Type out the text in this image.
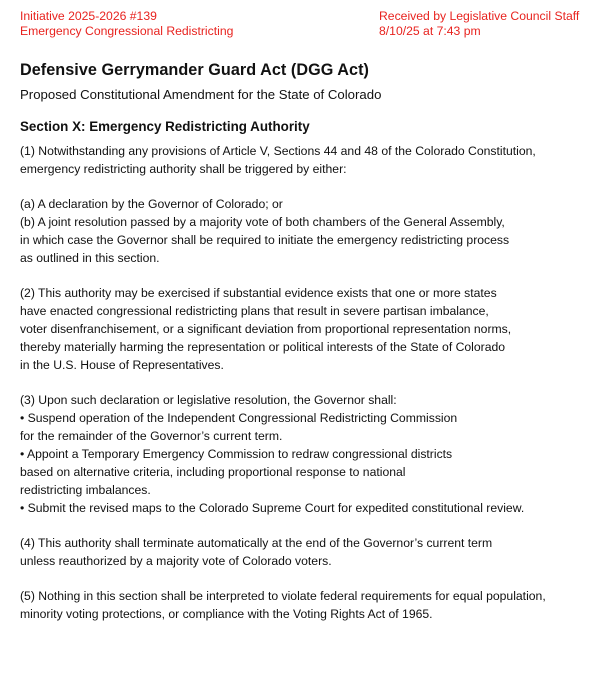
Initiative 2025-2026 #139
Emergency Congressional Redistricting
Received by Legislative Council Staff
8/10/25 at 7:43 pm
Defensive Gerrymander Guard Act (DGG Act)
Proposed Constitutional Amendment for the State of Colorado
Section X: Emergency Redistricting Authority
(1) Notwithstanding any provisions of Article V, Sections 44 and 48 of the Colorado Constitution,
emergency redistricting authority shall be triggered by either:
(a) A declaration by the Governor of Colorado; or
(b) A joint resolution passed by a majority vote of both chambers of the General Assembly,
in which case the Governor shall be required to initiate the emergency redistricting process
as outlined in this section.
(2) This authority may be exercised if substantial evidence exists that one or more states
have enacted congressional redistricting plans that result in severe partisan imbalance,
voter disenfranchisement, or a significant deviation from proportional representation norms,
thereby materially harming the representation or political interests of the State of Colorado
in the U.S. House of Representatives.
(3) Upon such declaration or legislative resolution, the Governor shall:
• Suspend operation of the Independent Congressional Redistricting Commission
for the remainder of the Governor’s current term.
• Appoint a Temporary Emergency Commission to redraw congressional districts
based on alternative criteria, including proportional response to national
redistricting imbalances.
• Submit the revised maps to the Colorado Supreme Court for expedited constitutional review.
(4) This authority shall terminate automatically at the end of the Governor’s current term
unless reauthorized by a majority vote of Colorado voters.
(5) Nothing in this section shall be interpreted to violate federal requirements for equal population,
minority voting protections, or compliance with the Voting Rights Act of 1965.
